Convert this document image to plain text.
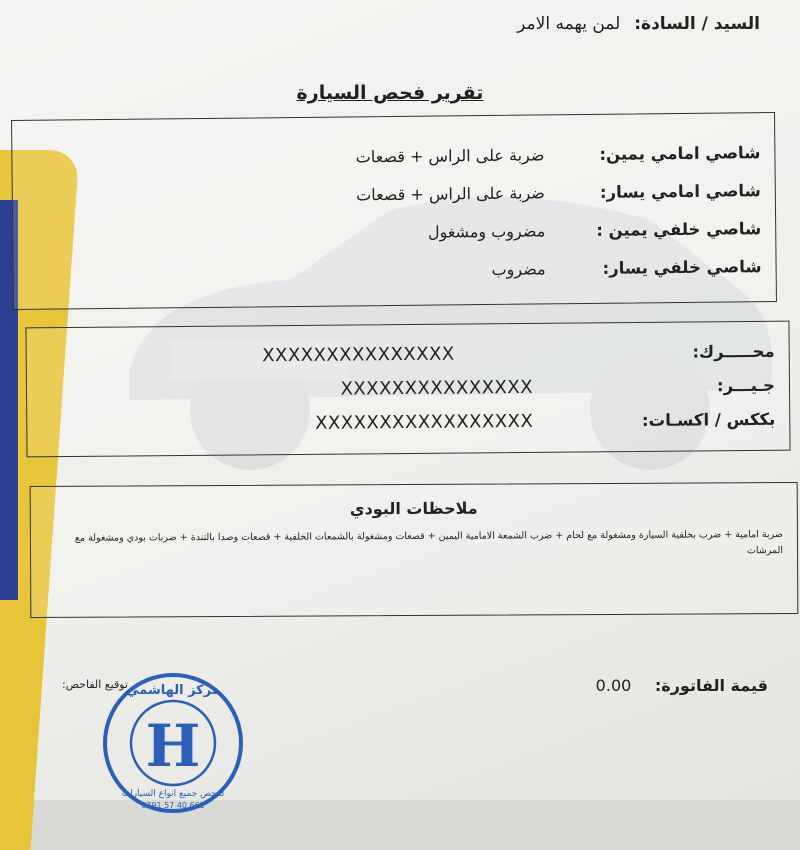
السيد / السادة: لمن يهمه الامر
تقرير فحص السيارة
شاصي امامي يمين:
ضربة على الراس + قصعات
شاصي امامي يسار:
ضربة على الراس + قصعات
شاصي خلفي يمين :
مضروب ومشغول
شاصي خلفي يسار:
مضروب
محـــــرك:
XXXXXXXXXXXXXXX
جـيـــر:
XXXXXXXXXXXXXXX
بككس / اكسـات:
XXXXXXXXXXXXXXXXX
ملاحظات البودي
ضربة امامية + ضرب بخلفية السيارة ومشغولة مع لحام + ضرب الشمعة الامامية اليمين + قصعات ومشغولة بالشمعات الخلفية + قصعات وصدا بالتندة + ضربات بودي ومشغولة مع المرشات
قيمة الفاتورة: 0.00
توقيع الفاحص:
H
مركز الهاشمي
لفحص جميع انواع السيارات
0791 57 40 661
